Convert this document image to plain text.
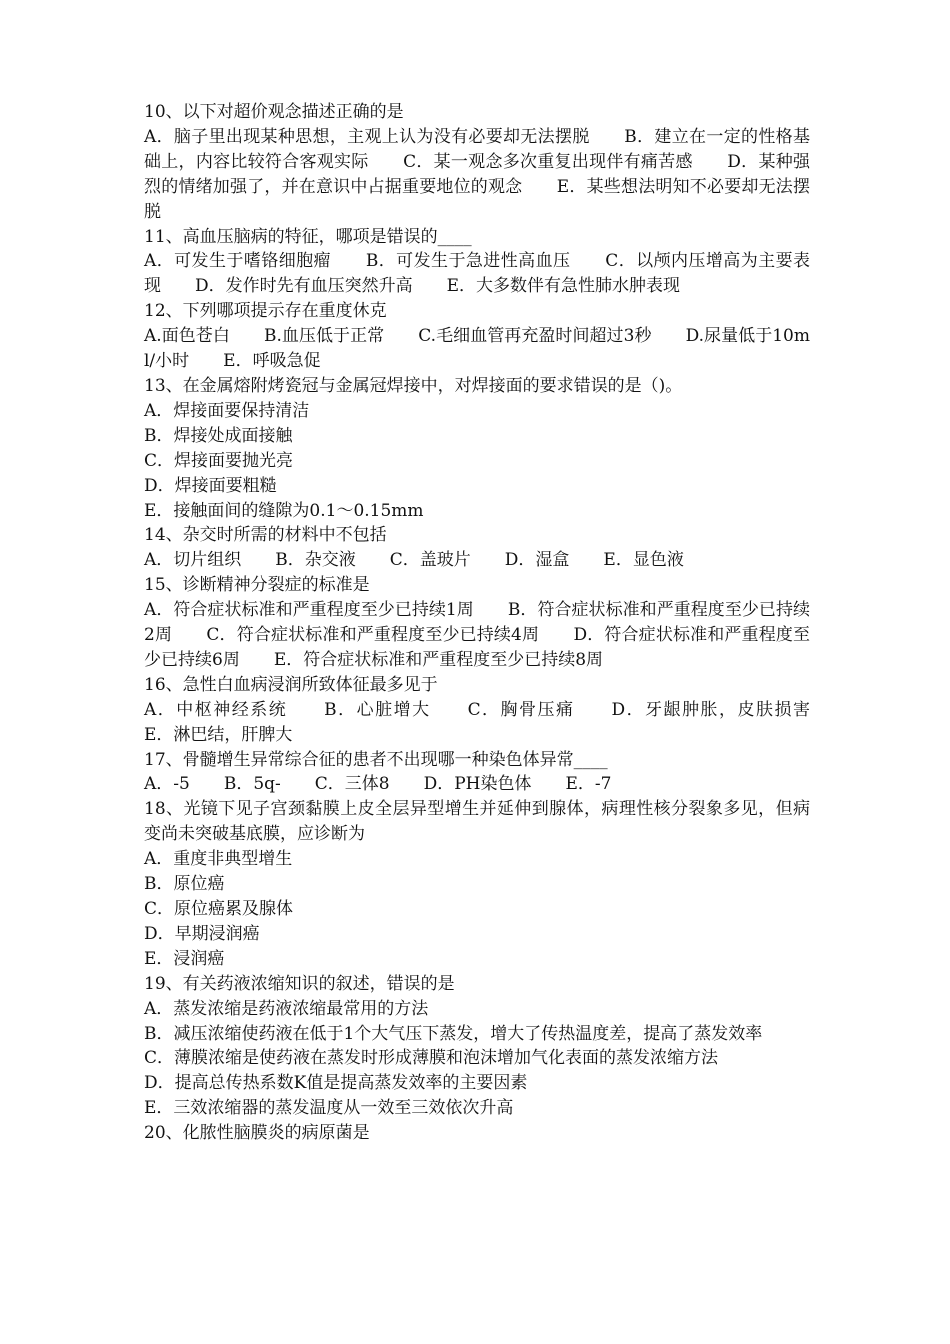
10、以下对超价观念描述正确的是

A．脑子里出现某种思想，主观上认为没有必要却无法摆脱　　B．建立在一定的性格基础上，内容比较符合客观实际　　C．某一观念多次重复出现伴有痛苦感　　D．某种强烈的情绪加强了，并在意识中占据重要地位的观念　　E．某些想法明知不必要却无法摆脱

11、高血压脑病的特征，哪项是错误的____

A．可发生于嗜铬细胞瘤　　B．可发生于急进性高血压　　C．以颅内压增高为主要表现　　D．发作时先有血压突然升高　　E．大多数伴有急性肺水肿表现

12、下列哪项提示存在重度休克

A.面色苍白　　B.血压低于正常　　C.毛细血管再充盈时间超过3秒　　D.尿量低于10ml/小时　　E．呼吸急促

13、在金属熔附烤瓷冠与金属冠焊接中，对焊接面的要求错误的是（)。

A．焊接面要保持清洁

B．焊接处成面接触

C．焊接面要抛光亮

D．焊接面要粗糙

E．接触面间的缝隙为0.1～0.15mm

14、杂交时所需的材料中不包括

A．切片组织　　B．杂交液　　C．盖玻片　　D．湿盒　　E．显色液

15、诊断精神分裂症的标准是

A．符合症状标准和严重程度至少已持续1周　　B．符合症状标准和严重程度至少已持续2周　　C．符合症状标准和严重程度至少已持续4周　　D．符合症状标准和严重程度至少已持续6周　　E．符合症状标准和严重程度至少已持续8周

16、急性白血病浸润所致体征最多见于

A．中枢神经系统　　B．心脏增大　　C．胸骨压痛　　D．牙龈肿胀，皮肤损害　　E．淋巴结，肝脾大

17、骨髓增生异常综合征的患者不出现哪一种染色体异常____

A．-5　　B．5q-　　C．三体8　　D．PH染色体　　E．-7

18、光镜下见子宫颈黏膜上皮全层异型增生并延伸到腺体，病理性核分裂象多见，但病变尚未突破基底膜，应诊断为

A．重度非典型增生

B．原位癌

C．原位癌累及腺体

D．早期浸润癌

E．浸润癌

19、有关药液浓缩知识的叙述，错误的是

A．蒸发浓缩是药液浓缩最常用的方法

B．减压浓缩使药液在低于1个大气压下蒸发，增大了传热温度差，提高了蒸发效率

C．薄膜浓缩是使药液在蒸发时形成薄膜和泡沫增加气化表面的蒸发浓缩方法

D．提高总传热系数K值是提高蒸发效率的主要因素

E．三效浓缩器的蒸发温度从一效至三效依次升高

20、化脓性脑膜炎的病原菌是
